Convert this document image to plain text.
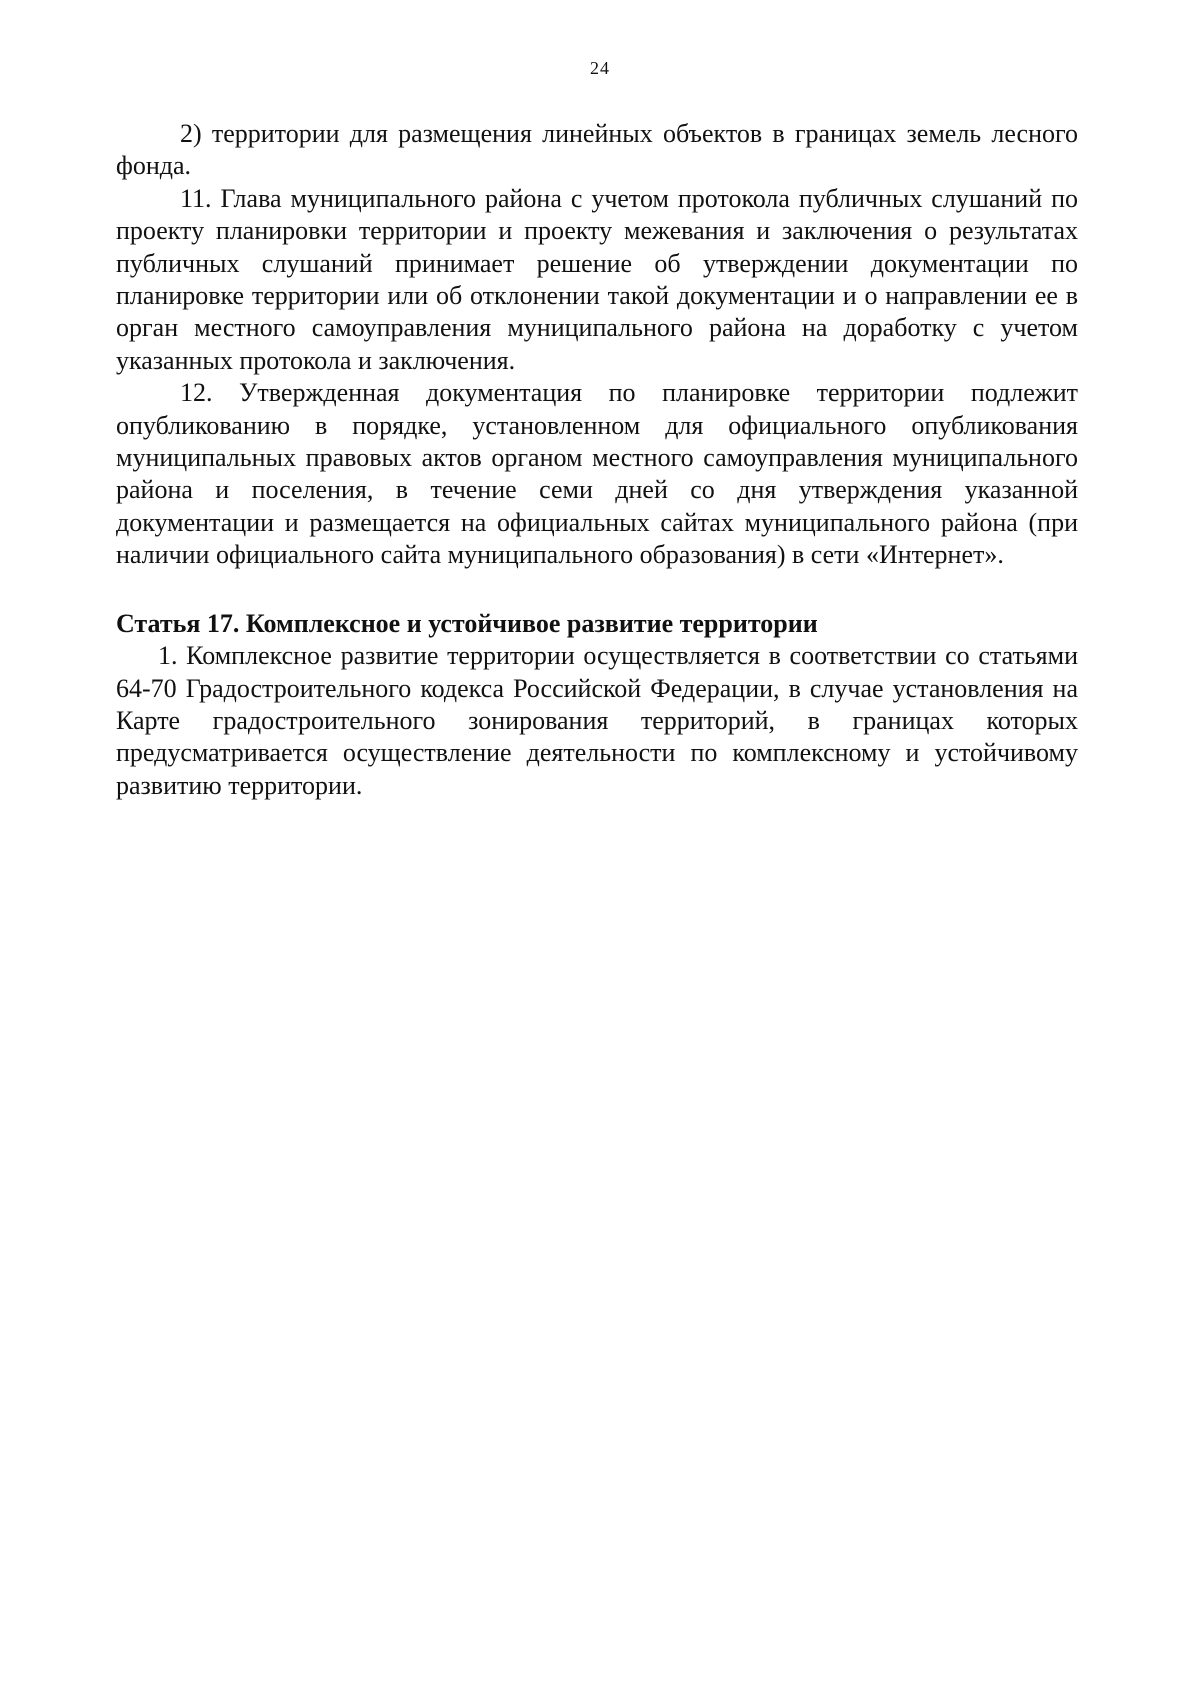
24

2) территории для размещения линейных объектов в границах земель лесного фонда.

11. Глава муниципального района с учетом протокола публичных слушаний по проекту планировки территории и проекту межевания и заключения о результатах публичных слушаний принимает решение об утверждении документации по планировке территории или об отклонении такой документации и о направлении ее в орган местного самоуправления муниципального района на доработку с учетом указанных протокола и заключения.

12. Утвержденная документация по планировке территории подлежит опубликованию в порядке, установленном для официального опубликования муниципальных правовых актов органом местного самоуправления муниципального района и поселения, в течение семи дней со дня утверждения указанной документации и размещается на официальных сайтах муниципального района (при наличии официального сайта муниципального образования) в сети «Интернет».

Статья 17. Комплексное и устойчивое развитие территории

1. Комплексное развитие территории осуществляется в соответствии со статьями 64-70 Градостроительного кодекса Российской Федерации, в случае установления на Карте градостроительного зонирования территорий, в границах которых предусматривается осуществление деятельности по комплексному и устойчивому развитию территории.
